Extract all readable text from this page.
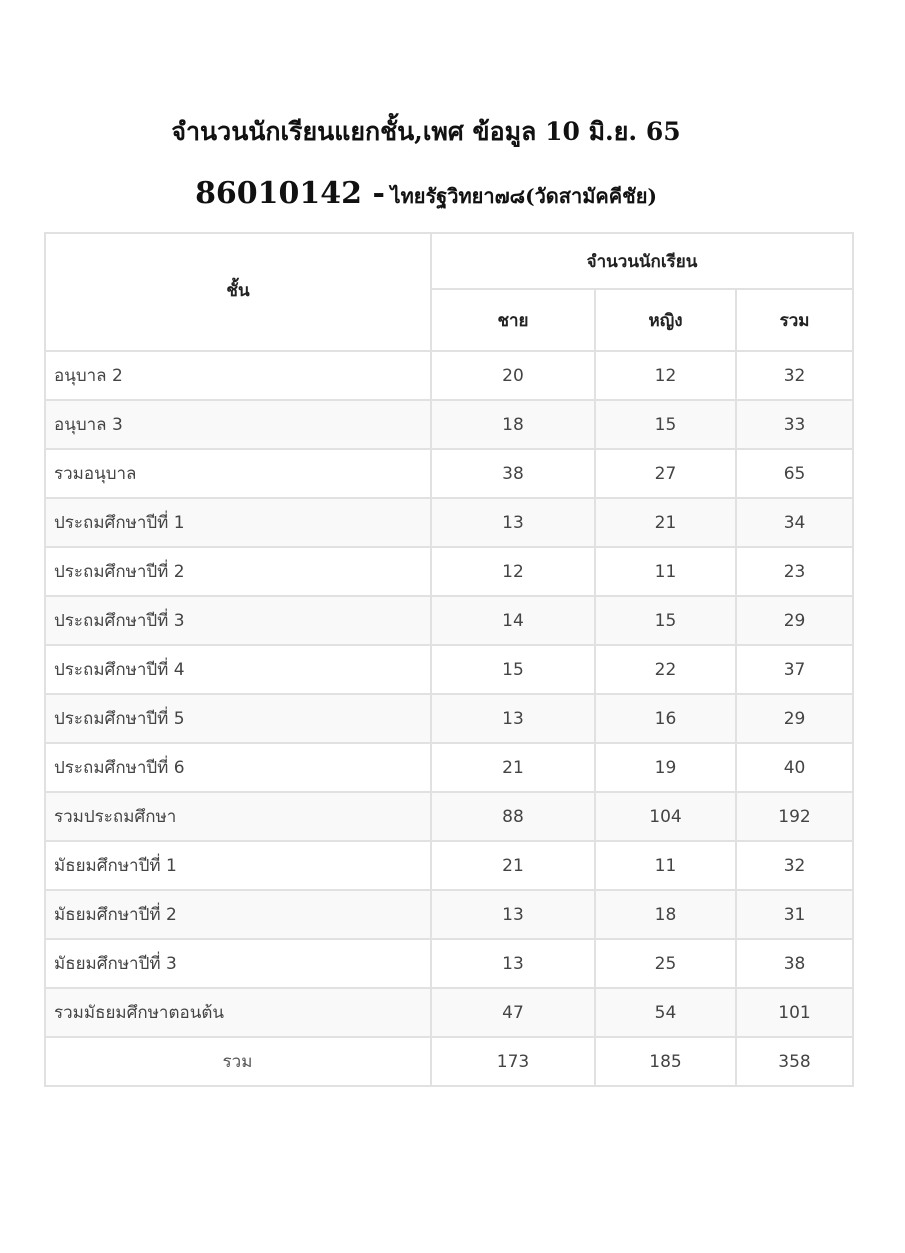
จำนวนนักเรียนแยกชั้น,เพศ ข้อมูล 10 มิ.ย. 65
86010142 - ไทยรัฐวิทยา๗๘(วัดสามัคคีชัย)
ชั้น	จำนวนนักเรียน		
	ชาย	หญิง	รวม
อนุบาล 2	20	12	32
อนุบาล 3	18	15	33
รวมอนุบาล	38	27	65
ประถมศึกษาปีที่ 1	13	21	34
ประถมศึกษาปีที่ 2	12	11	23
ประถมศึกษาปีที่ 3	14	15	29
ประถมศึกษาปีที่ 4	15	22	37
ประถมศึกษาปีที่ 5	13	16	29
ประถมศึกษาปีที่ 6	21	19	40
รวมประถมศึกษา	88	104	192
มัธยมศึกษาปีที่ 1	21	11	32
มัธยมศึกษาปีที่ 2	13	18	31
มัธยมศึกษาปีที่ 3	13	25	38
รวมมัธยมศึกษาตอนต้น	47	54	101
รวม	173	185	358
